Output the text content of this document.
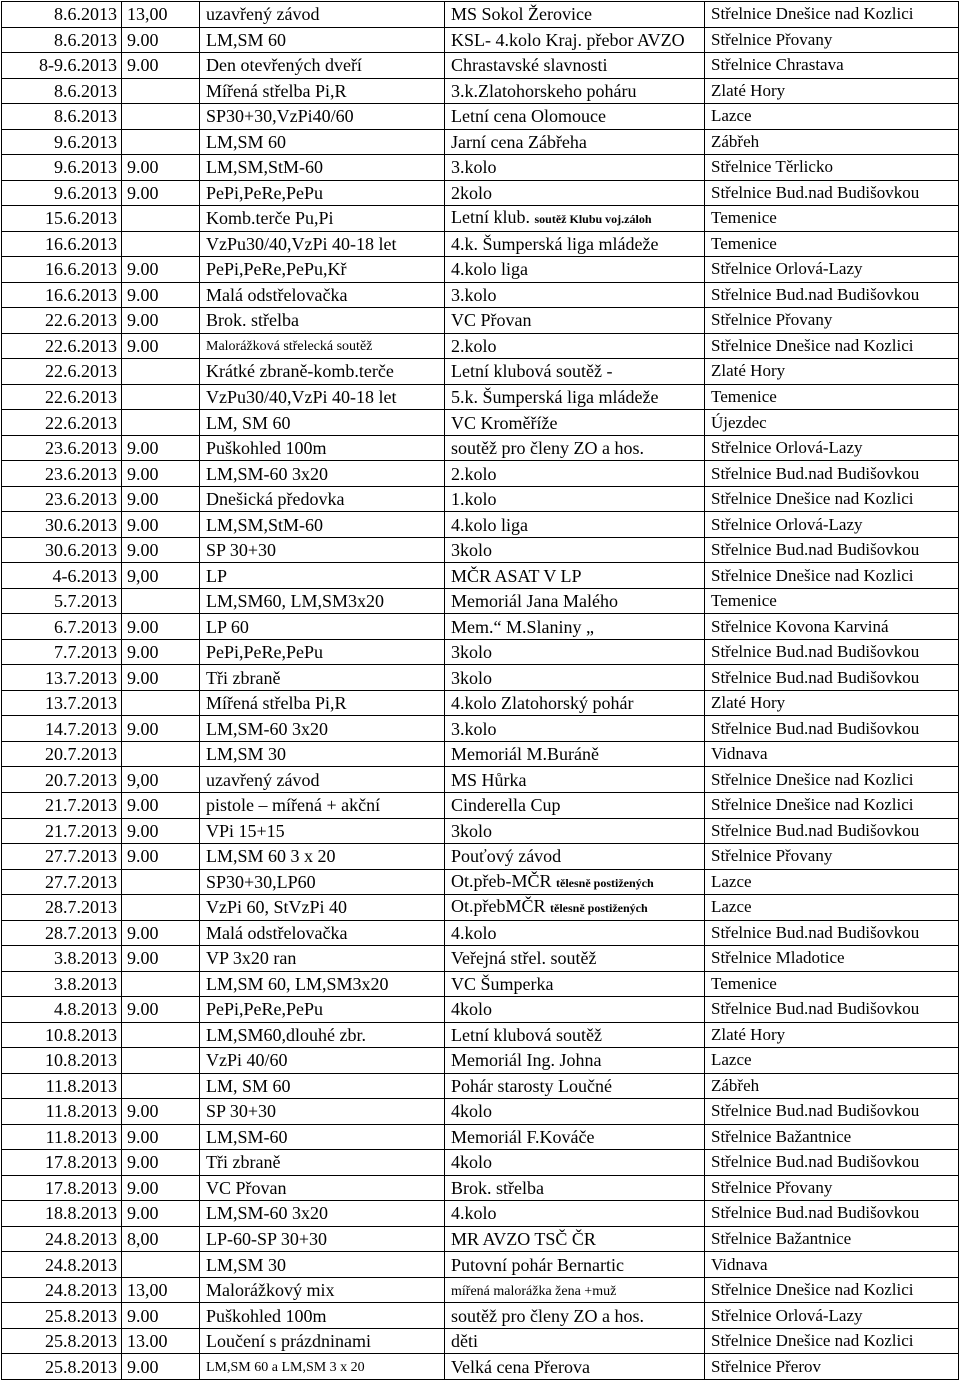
8.6.2013	13,00	uzavřený závod	MS Sokol Žerovice	Střelnice Dnešice nad Kozlici
8.6.2013	9.00	LM,SM 60	KSL- 4.kolo Kraj. přebor AVZO	Střelnice Přovany
8-9.6.2013	9.00	Den otevřených dveří	Chrastavské slavnosti	Střelnice Chrastava
8.6.2013		Mířená střelba Pi,R	3.k.Zlatohorskeho poháru	Zlaté Hory
8.6.2013		SP30+30,VzPi40/60	Letní cena Olomouce	Lazce
9.6.2013		LM,SM 60	Jarní cena Zábřeha	Zábřeh
9.6.2013	9.00	LM,SM,StM-60	3.kolo	Střelnice Těrlicko
9.6.2013	9.00	PePi,PeRe,PePu	2kolo	Střelnice Bud.nad Budišovkou
15.6.2013		Komb.terče Pu,Pi	Letní klub. soutěž Klubu voj.záloh	Temenice
16.6.2013		VzPu30/40,VzPi 40-18 let	4.k. Šumperská liga mládeže	Temenice
16.6.2013	9.00	PePi,PeRe,PePu,Kř	4.kolo liga	Střelnice Orlová-Lazy
16.6.2013	9.00	Malá odstřelovačka	3.kolo	Střelnice Bud.nad Budišovkou
22.6.2013	9.00	Brok. střelba	VC Přovan	Střelnice Přovany
22.6.2013	9.00	Malorážková střelecká soutěž	2.kolo	Střelnice Dnešice nad Kozlici
22.6.2013		Krátké zbraně-komb.terče	Letní klubová soutěž -	Zlaté Hory
22.6.2013		VzPu30/40,VzPi 40-18 let	5.k. Šumperská liga mládeže	Temenice
22.6.2013		LM, SM 60	VC Kroměříže	Újezdec
23.6.2013	9.00	Puškohled 100m	soutěž pro členy ZO a hos.	Střelnice Orlová-Lazy
23.6.2013	9.00	LM,SM-60 3x20	2.kolo	Střelnice Bud.nad Budišovkou
23.6.2013	9.00	Dnešická předovka	1.kolo	Střelnice Dnešice nad Kozlici
30.6.2013	9.00	LM,SM,StM-60	4.kolo liga	Střelnice Orlová-Lazy
30.6.2013	9.00	SP 30+30	3kolo	Střelnice Bud.nad Budišovkou
4-6.2013	9,00	LP	MČR ASAT V LP	Střelnice Dnešice nad Kozlici
5.7.2013		LM,SM60, LM,SM3x20	Memoriál Jana Malého	Temenice
6.7.2013	9.00	LP 60	Mem.“ M.Slaniny „	Střelnice Kovona Karviná
7.7.2013	9.00	PePi,PeRe,PePu	3kolo	Střelnice Bud.nad Budišovkou
13.7.2013	9.00	Tři zbraně	3kolo	Střelnice Bud.nad Budišovkou
13.7.2013		Mířená střelba Pi,R	4.kolo Zlatohorský pohár	Zlaté Hory
14.7.2013	9.00	LM,SM-60 3x20	3.kolo	Střelnice Bud.nad Budišovkou
20.7.2013		LM,SM 30	Memoriál M.Buráně	Vidnava
20.7.2013	9,00	uzavřený závod	MS Hůrka	Střelnice Dnešice nad Kozlici
21.7.2013	9.00	pistole – mířená + akční	Cinderella Cup	Střelnice Dnešice nad Kozlici
21.7.2013	9.00	VPi 15+15	3kolo	Střelnice Bud.nad Budišovkou
27.7.2013	9.00	LM,SM 60 3 x 20	Pouťový závod	Střelnice Přovany
27.7.2013		SP30+30,LP60	Ot.přeb-MČR tělesně postižených	Lazce
28.7.2013		VzPi 60, StVzPi 40	Ot.přebMČR tělesně postižených	Lazce
28.7.2013	9.00	Malá odstřelovačka	4.kolo	Střelnice Bud.nad Budišovkou
3.8.2013	9.00	VP 3x20 ran	Veřejná střel. soutěž	Střelnice Mladotice
3.8.2013		LM,SM 60, LM,SM3x20	VC Šumperka	Temenice
4.8.2013	9.00	PePi,PeRe,PePu	4kolo	Střelnice Bud.nad Budišovkou
10.8.2013		LM,SM60,dlouhé zbr.	Letní klubová soutěž	Zlaté Hory
10.8.2013		VzPi 40/60	Memoriál Ing. Johna	Lazce
11.8.2013		LM, SM 60	Pohár starosty Loučné	Zábřeh
11.8.2013	9.00	SP 30+30	4kolo	Střelnice Bud.nad Budišovkou
11.8.2013	9.00	LM,SM-60	Memoriál F.Kováče	Střelnice Bažantnice
17.8.2013	9.00	Tři zbraně	4kolo	Střelnice Bud.nad Budišovkou
17.8.2013	9.00	VC Přovan	Brok. střelba	Střelnice Přovany
18.8.2013	9.00	LM,SM-60 3x20	4.kolo	Střelnice Bud.nad Budišovkou
24.8.2013	8,00	LP-60-SP 30+30	MR AVZO TSČ ČR	Střelnice Bažantnice
24.8.2013		LM,SM 30	Putovní pohár Bernartic	Vidnava
24.8.2013	13,00	Malorážkový mix	mířená malorážka žena +muž	Střelnice Dnešice nad Kozlici
25.8.2013	9.00	Puškohled 100m	soutěž pro členy ZO a hos.	Střelnice Orlová-Lazy
25.8.2013	13.00	Loučení s prázdninami	děti	Střelnice Dnešice nad Kozlici
25.8.2013	9.00	LM,SM 60 a LM,SM 3 x 20	Velká cena Přerova	Střelnice Přerov
